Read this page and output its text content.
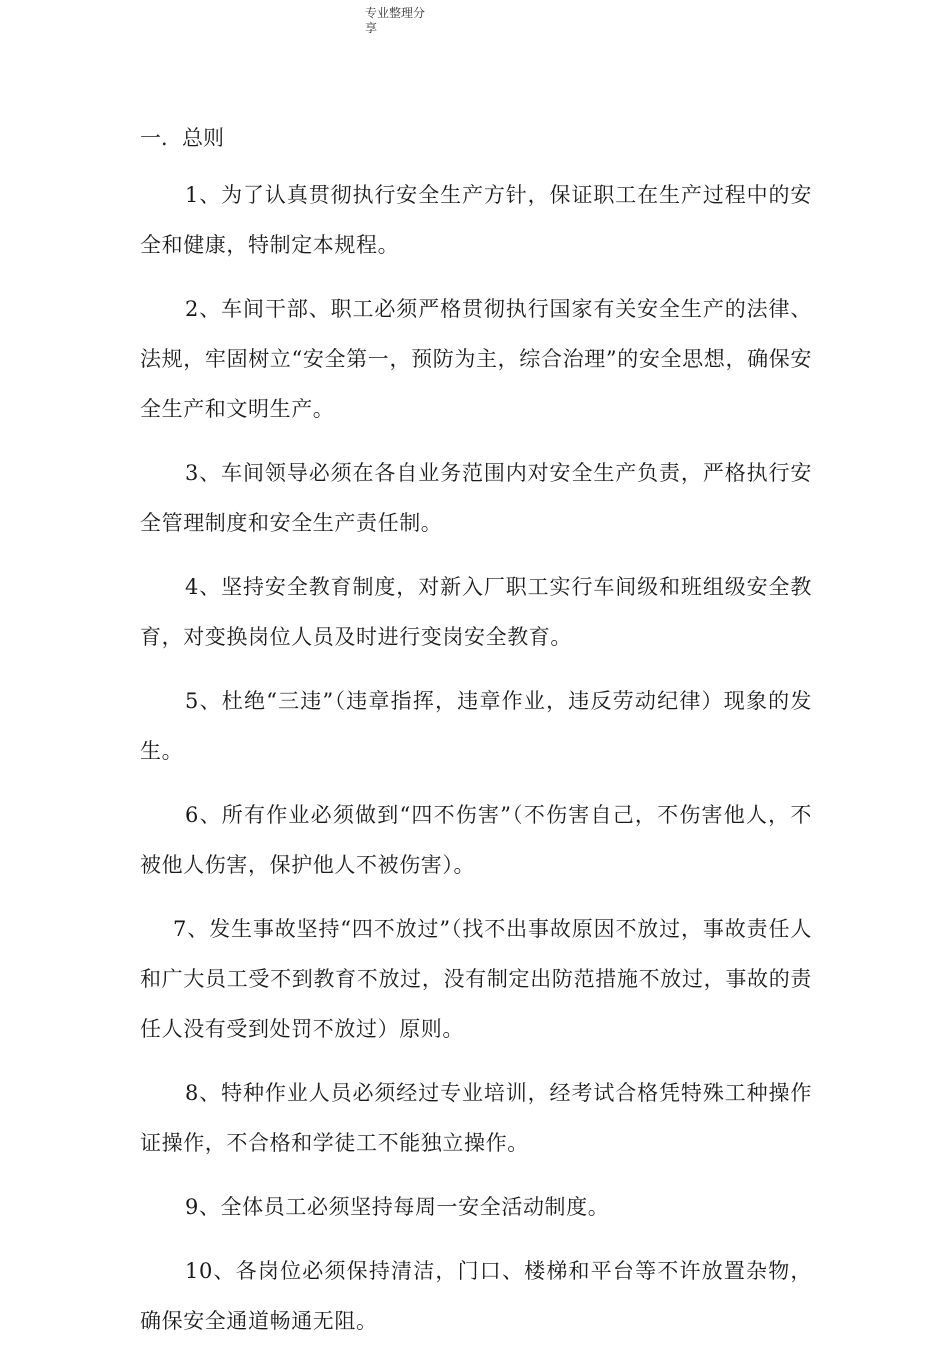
专业整理分享
一．总则

1、为了认真贯彻执行安全生产方针，保证职工在生产过程中的安全和健康，特制定本规程。

2、车间干部、职工必须严格贯彻执行国家有关安全生产的法律、法规，牢固树立“安全第一，预防为主，综合治理”的安全思想，确保安全生产和文明生产。

3、车间领导必须在各自业务范围内对安全生产负责，严格执行安全管理制度和安全生产责任制。

4、坚持安全教育制度，对新入厂职工实行车间级和班组级安全教育，对变换岗位人员及时进行变岗安全教育。

5、杜绝“三违”（违章指挥，违章作业，违反劳动纪律）现象的发生。

6、所有作业必须做到“四不伤害”（不伤害自己，不伤害他人，不被他人伤害，保护他人不被伤害）。

7、发生事故坚持“四不放过”（找不出事故原因不放过，事故责任人和广大员工受不到教育不放过，没有制定出防范措施不放过，事故的责任人没有受到处罚不放过）原则。

8、特种作业人员必须经过专业培训，经考试合格凭特殊工种操作证操作，不合格和学徒工不能独立操作。

9、全体员工必须坚持每周一安全活动制度。

10、各岗位必须保持清洁，门口、楼梯和平台等不许放置杂物，确保安全通道畅通无阻。
